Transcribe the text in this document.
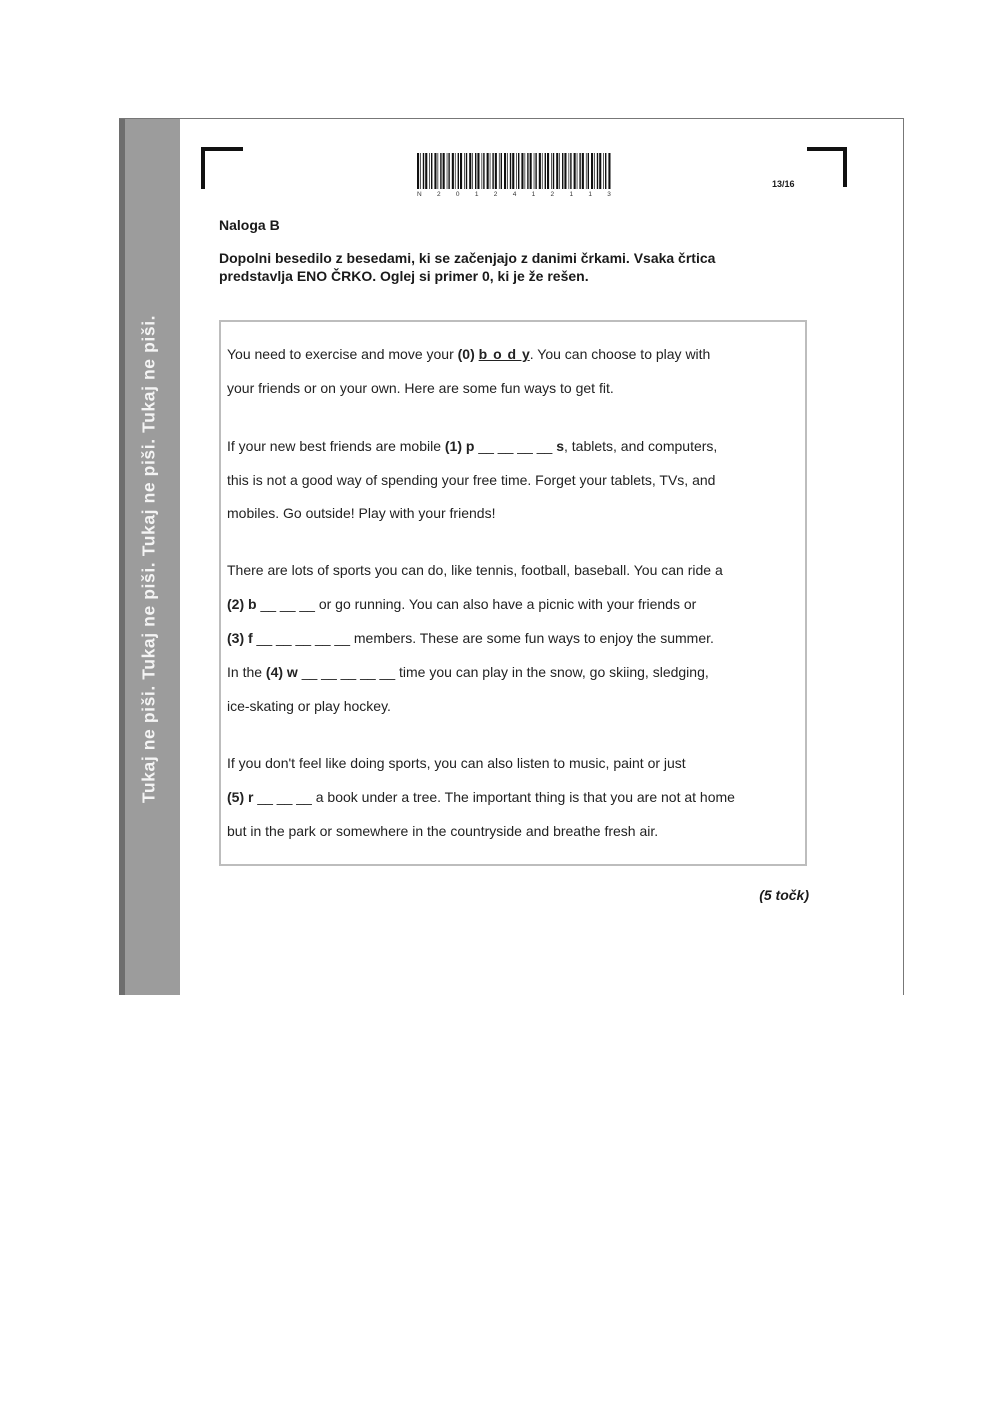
Tukaj ne piši. Tukaj ne piši. Tukaj ne piši. Tukaj ne piši.
N 2 0 1 2 4 1 2 1 1 3
13/16
Naloga B
Dopolni besedilo z besedami, ki se začenjajo z danimi črkami. Vsaka črtica
predstavlja ENO ČRKO. Oglej si primer 0, ki je že rešen.
You need to exercise and move your (0) b o d y. You can choose to play with
your friends or on your own. Here are some fun ways to get fit.
If your new best friends are mobile (1) p __ __ __ __ s, tablets, and computers,
this is not a good way of spending your free time. Forget your tablets, TVs, and
mobiles. Go outside! Play with your friends!
There are lots of sports you can do, like tennis, football, baseball. You can ride a
(2) b __ __ __ or go running. You can also have a picnic with your friends or
(3) f __ __ __ __ __ members. These are some fun ways to enjoy the summer.
In the (4) w __ __ __ __ __ time you can play in the snow, go skiing, sledging,
ice-skating or play hockey.
If you don't feel like doing sports, you can also listen to music, paint or just
(5) r __ __ __ a book under a tree. The important thing is that you are not at home
but in the park or somewhere in the countryside and breathe fresh air.
(5 točk)
